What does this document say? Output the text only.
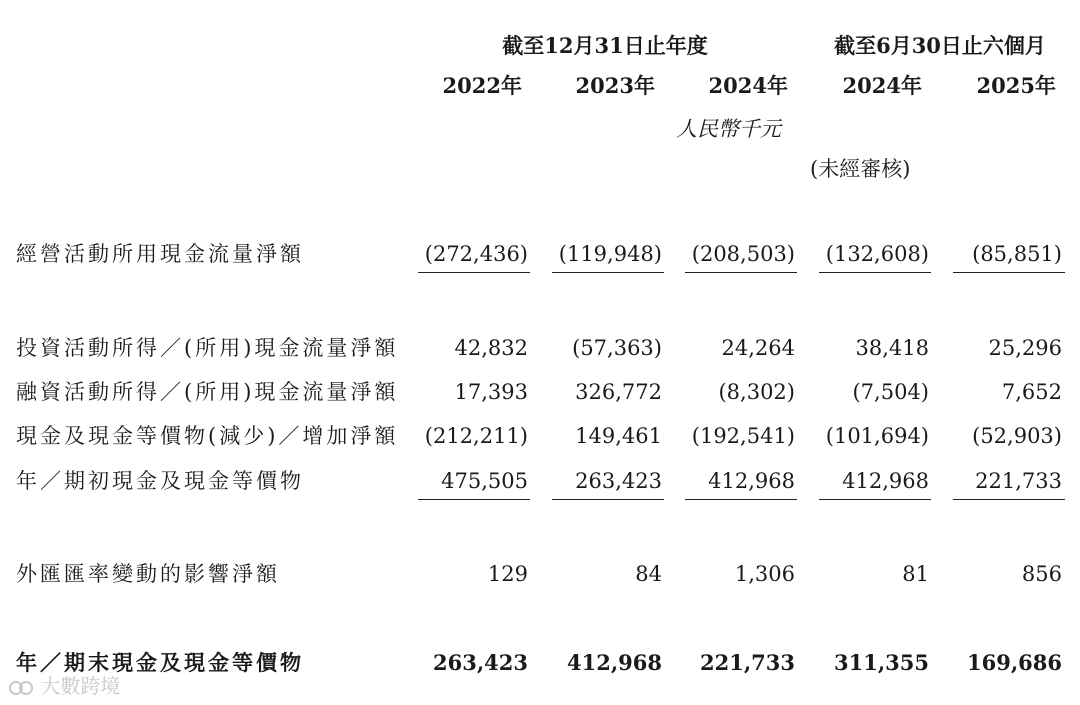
截至12月31日止年度	截至6月30日止六個月
2022年	2023年	2024年	2024年	2025年
人民幣千元
(未經審核)
經營活動所用現金流量淨額	(272,436)	(119,948)	(208,503)	(132,608)	(85,851)
投資活動所得／(所用)現金流量淨額	42,832	(57,363)	24,264	38,418	25,296
融資活動所得／(所用)現金流量淨額	17,393	326,772	(8,302)	(7,504)	7,652
現金及現金等價物(減少)／增加淨額	(212,211)	149,461	(192,541)	(101,694)	(52,903)
年／期初現金及現金等價物	475,505	263,423	412,968	412,968	221,733
外匯匯率變動的影響淨額	129	84	1,306	81	856
年／期末現金及現金等價物	263,423	412,968	221,733	311,355	169,686
大數跨境
